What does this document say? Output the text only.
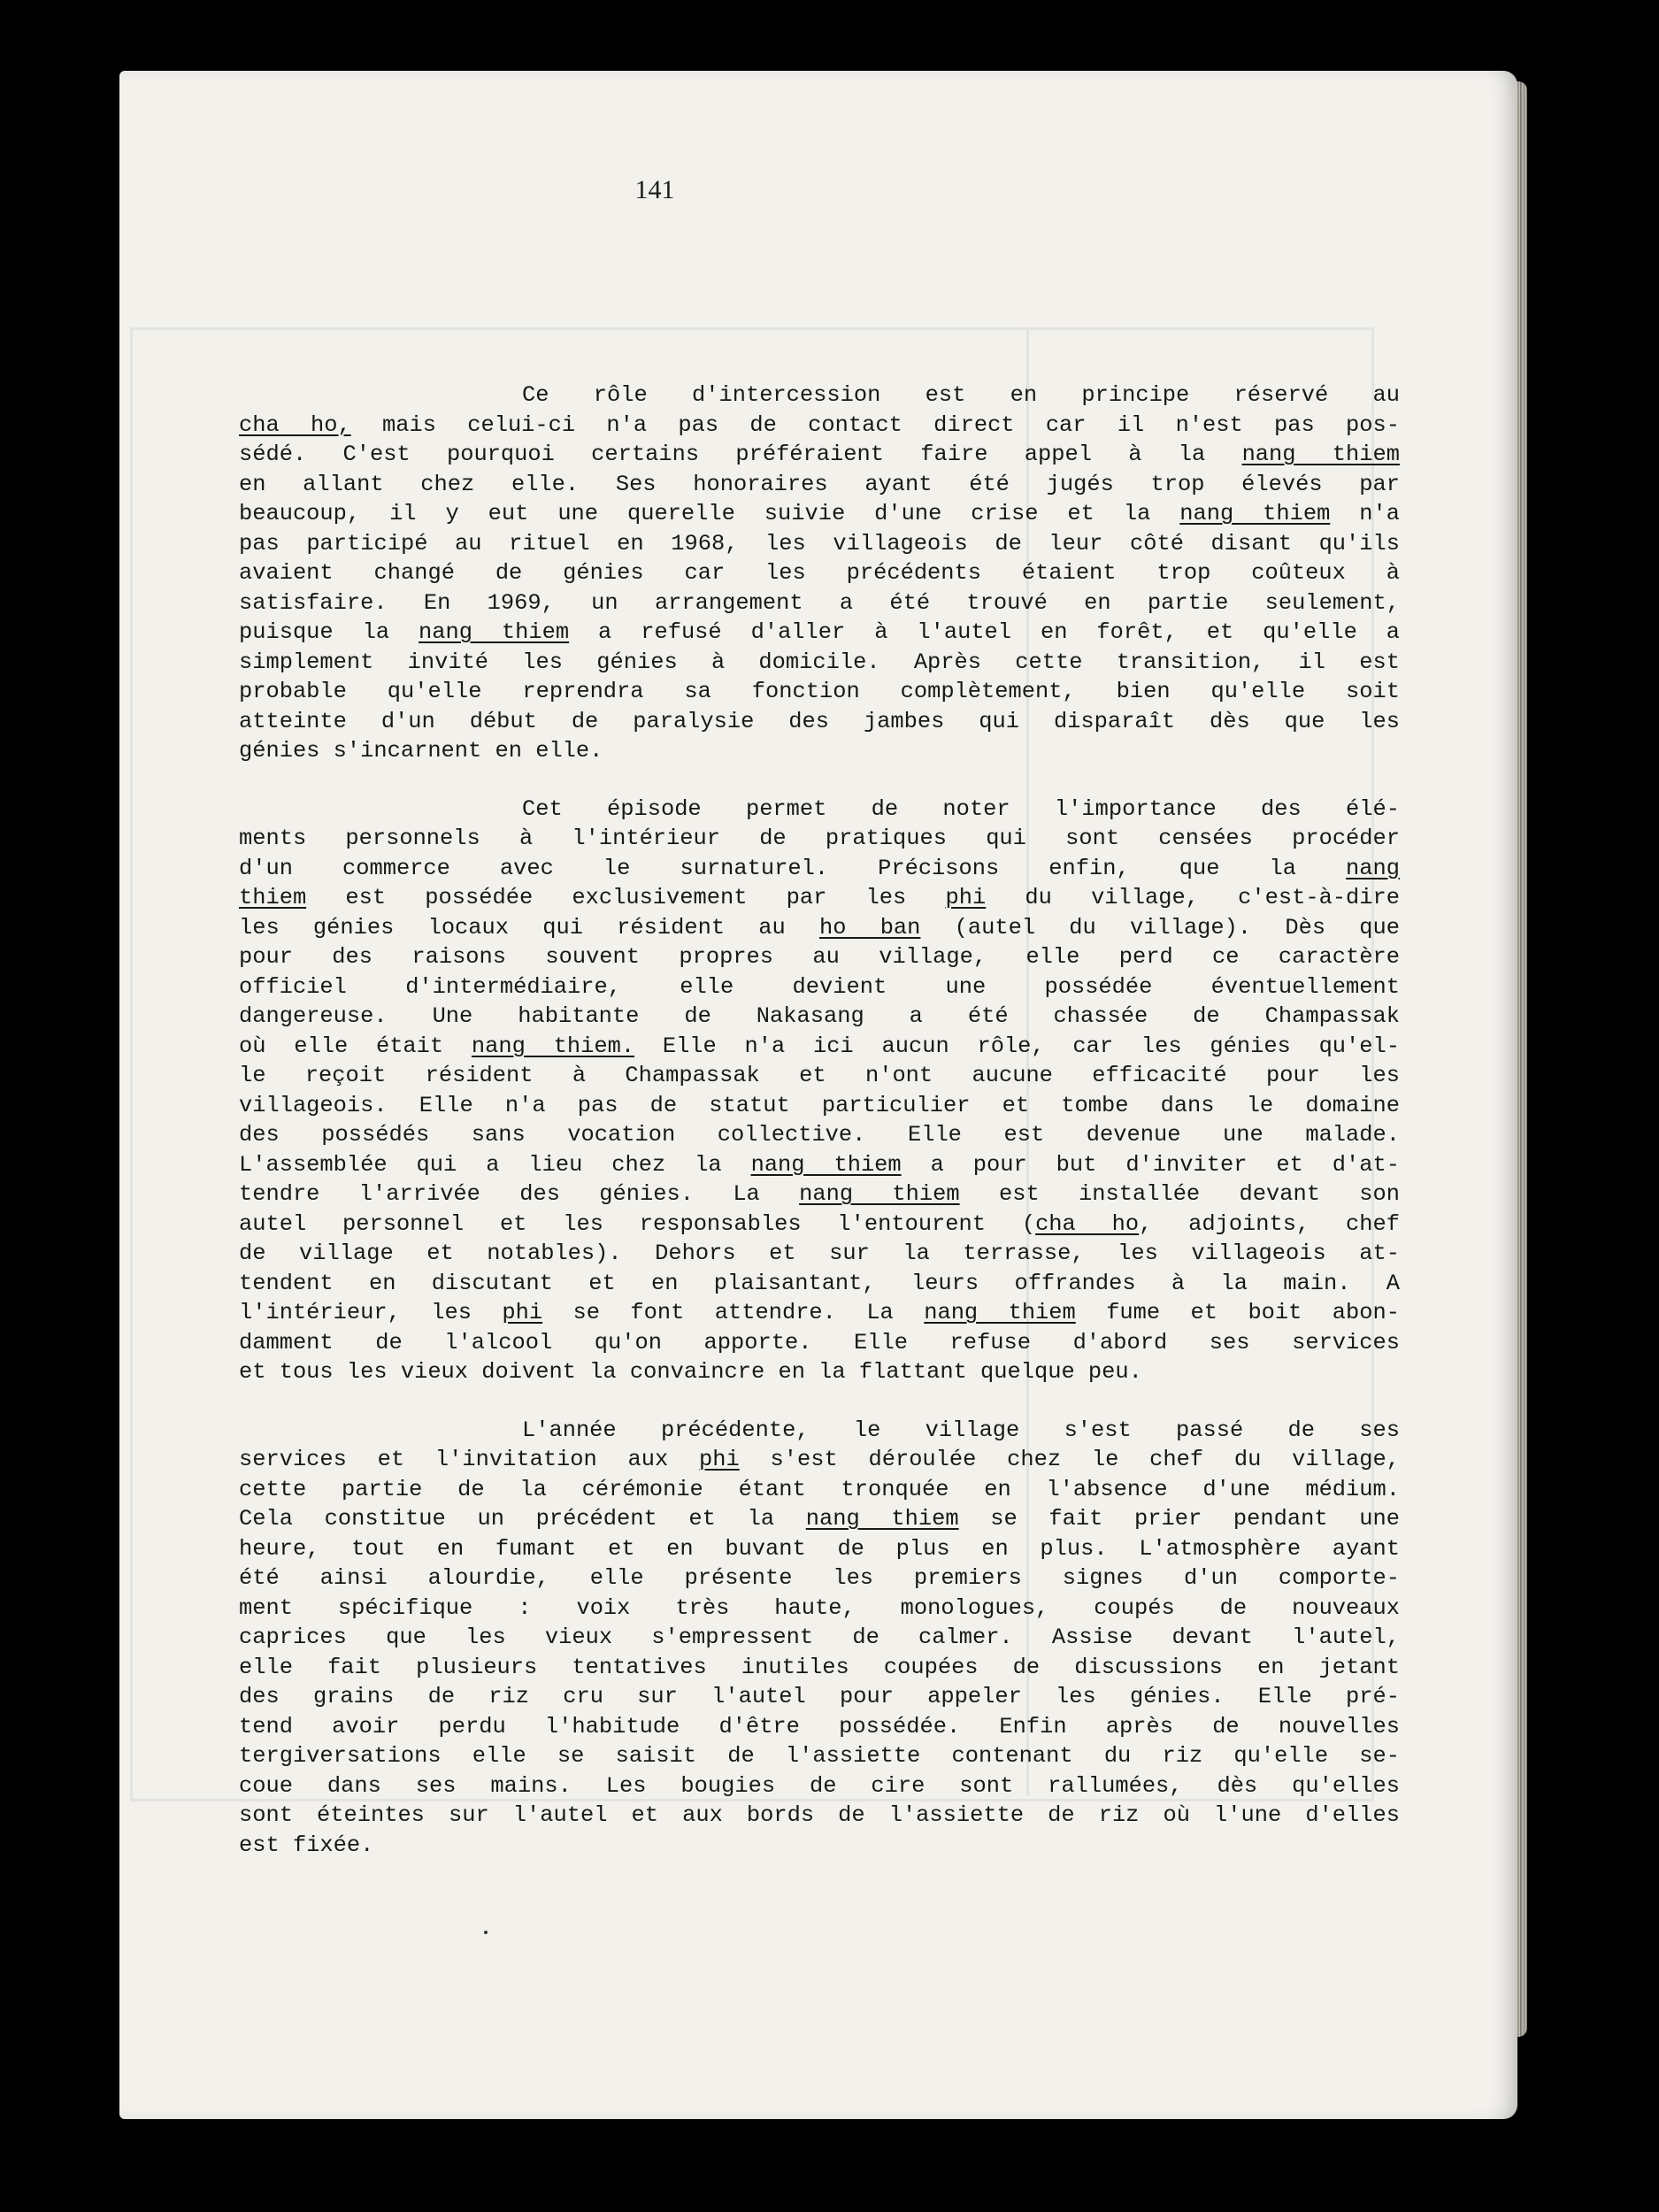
141
Ce rôle d'intercession est en principe réservé au
cha ho, mais celui-ci n'a pas de contact direct car il n'est pas pos-
sédé. C'est pourquoi certains préféraient faire appel à la nang thiem
en allant chez elle. Ses honoraires ayant été jugés trop élevés par
beaucoup, il y eut une querelle suivie d'une crise et la nang thiem n'a
pas participé au rituel en 1968, les villageois de leur côté disant qu'ils
avaient changé de génies car les précédents étaient trop coûteux à
satisfaire. En 1969, un arrangement a été trouvé en partie seulement,
puisque la nang thiem a refusé d'aller à l'autel en forêt, et qu'elle a
simplement invité les génies à domicile. Après cette transition, il est
probable qu'elle reprendra sa fonction complètement, bien qu'elle soit
atteinte d'un début de paralysie des jambes qui disparaît dès que les
génies s'incarnent en elle.
Cet épisode permet de noter l'importance des élé-
ments personnels à l'intérieur de pratiques qui sont censées procéder
d'un commerce avec le surnaturel. Précisons enfin, que la nang
thiem est possédée exclusivement par les phi du village, c'est-à-dire
les génies locaux qui résident au ho ban (autel du village). Dès que
pour des raisons souvent propres au village, elle perd ce caractère
officiel d'intermédiaire, elle devient une possédée éventuellement
dangereuse. Une habitante de Nakasang a été chassée de Champassak
où elle était nang thiem. Elle n'a ici aucun rôle, car les génies qu'el-
le reçoit résident à Champassak et n'ont aucune efficacité pour les
villageois. Elle n'a pas de statut particulier et tombe dans le domaine
des possédés sans vocation collective. Elle est devenue une malade.
L'assemblée qui a lieu chez la nang thiem a pour but d'inviter et d'at-
tendre l'arrivée des génies. La nang thiem est installée devant son
autel personnel et les responsables l'entourent (cha ho, adjoints, chef
de village et notables). Dehors et sur la terrasse, les villageois at-
tendent en discutant et en plaisantant, leurs offrandes à la main. A
l'intérieur, les phi se font attendre. La nang thiem fume et boit abon-
damment de l'alcool qu'on apporte. Elle refuse d'abord ses services
et tous les vieux doivent la convaincre en la flattant quelque peu.
L'année précédente, le village s'est passé de ses
services et l'invitation aux phi s'est déroulée chez le chef du village,
cette partie de la cérémonie étant tronquée en l'absence d'une médium.
Cela constitue un précédent et la nang thiem se fait prier pendant une
heure, tout en fumant et en buvant de plus en plus. L'atmosphère ayant
été ainsi alourdie, elle présente les premiers signes d'un comporte-
ment spécifique : voix très haute, monologues, coupés de nouveaux
caprices que les vieux s'empressent de calmer. Assise devant l'autel,
elle fait plusieurs tentatives inutiles coupées de discussions en jetant
des grains de riz cru sur l'autel pour appeler les génies. Elle pré-
tend avoir perdu l'habitude d'être possédée. Enfin après de nouvelles
tergiversations elle se saisit de l'assiette contenant du riz qu'elle se-
coue dans ses mains. Les bougies de cire sont rallumées, dès qu'elles
sont éteintes sur l'autel et aux bords de l'assiette de riz où l'une d'elles
est fixée.
